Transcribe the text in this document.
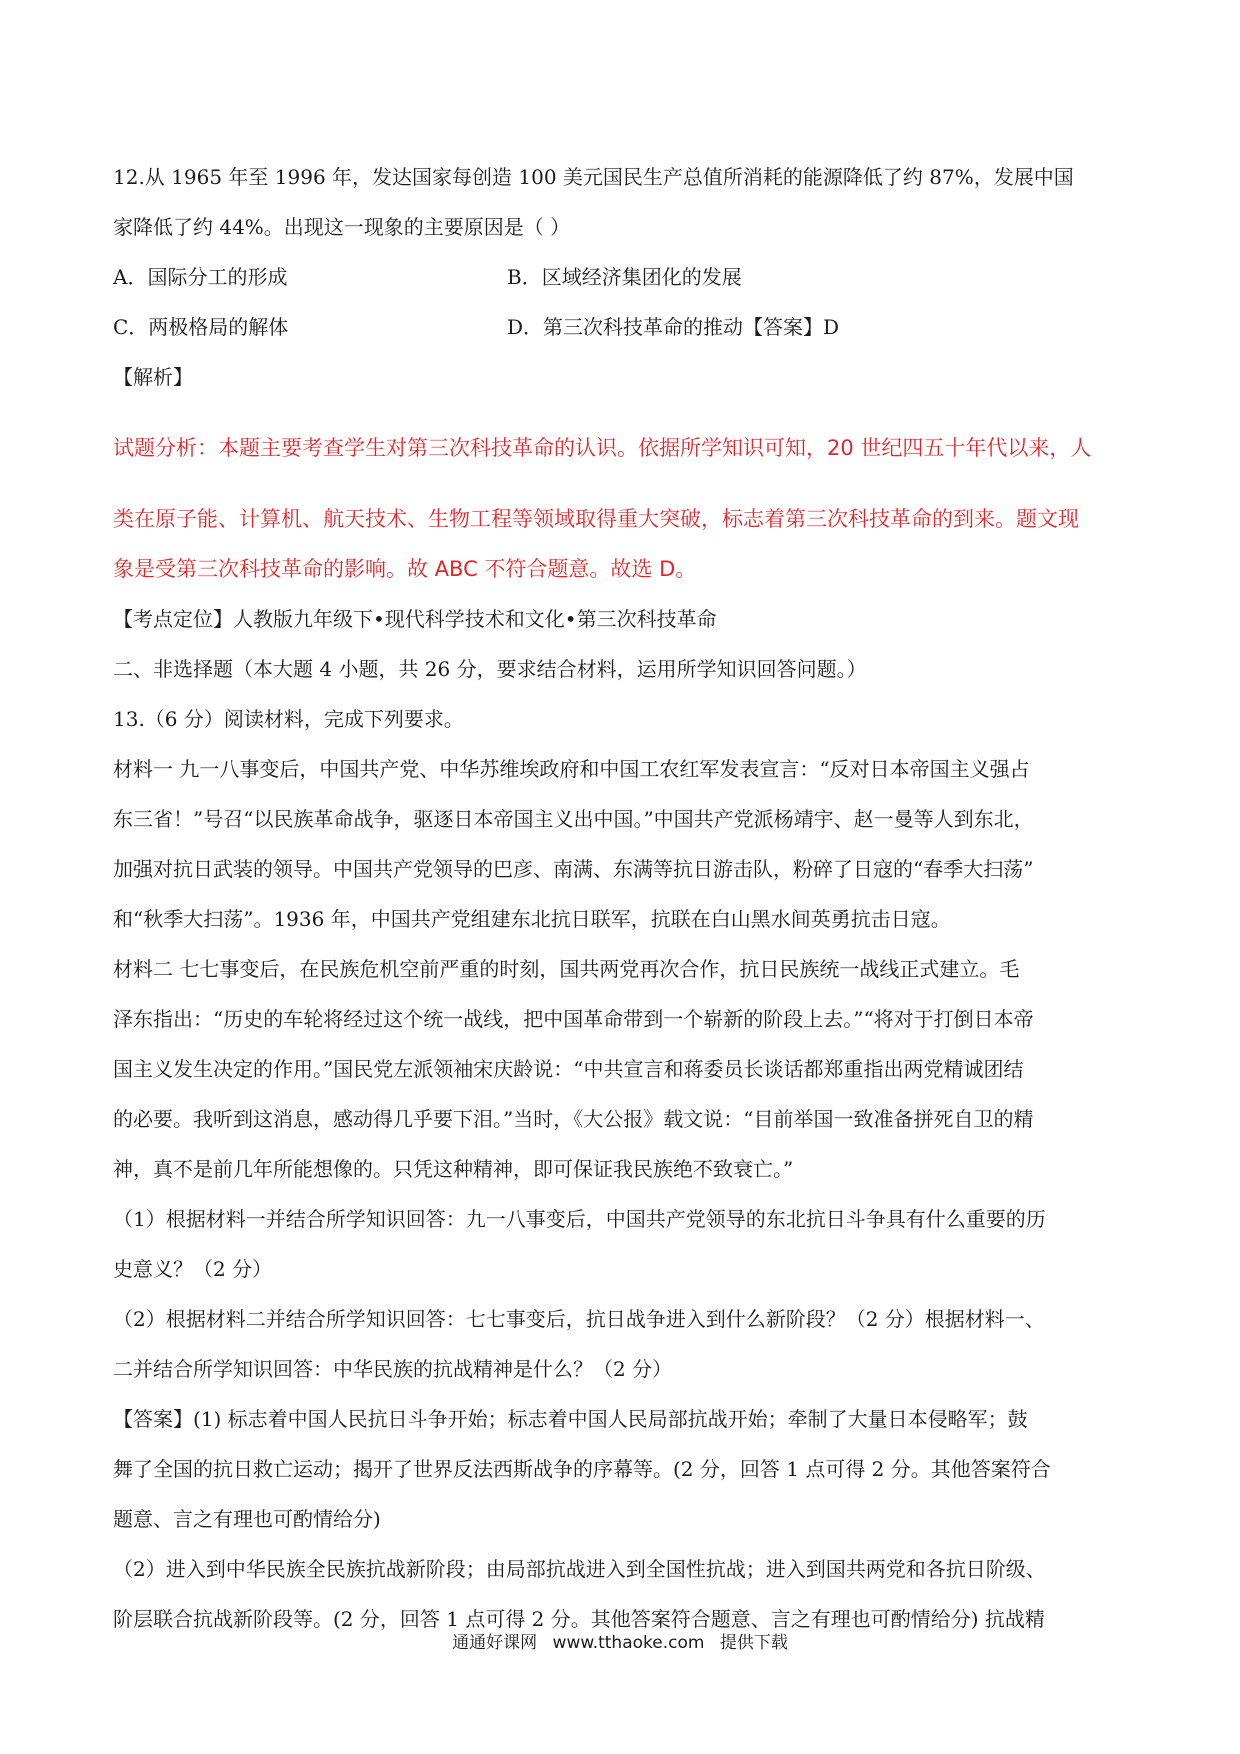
12.从 1965 年至 1996 年，发达国家每创造 100 美元国民生产总值所消耗的能源降低了约 87%，发展中国

家降低了约 44%。出现这一现象的主要原因是（ ）

A．国际分工的形成	B．区域经济集团化的发展
C．两极格局的解体	D．第三次科技革命的推动【答案】D

【解析】

试题分析：本题主要考查学生对第三次科技革命的认识。依据所学知识可知，20 世纪四五十年代以来，人

类在原子能、计算机、航天技术、生物工程等领域取得重大突破，标志着第三次科技革命的到来。题文现

象是受第三次科技革命的影响。故 ABC 不符合题意。故选 D。

【考点定位】人教版九年级下•现代科学技术和文化•第三次科技革命

二、非选择题（本大题 4 小题，共 26 分，要求结合材料，运用所学知识回答问题。）

13.（6 分）阅读材料，完成下列要求。

材料一 九一八事变后，中国共产党、中华苏维埃政府和中国工农红军发表宣言：“反对日本帝国主义强占

东三省！”号召“以民族革命战争，驱逐日本帝国主义出中国。”中国共产党派杨靖宇、赵一曼等人到东北，

加强对抗日武装的领导。中国共产党领导的巴彦、南满、东满等抗日游击队，粉碎了日寇的“春季大扫荡”

和“秋季大扫荡”。1936 年，中国共产党组建东北抗日联军，抗联在白山黑水间英勇抗击日寇。

材料二 七七事变后，在民族危机空前严重的时刻，国共两党再次合作，抗日民族统一战线正式建立。毛

泽东指出：“历史的车轮将经过这个统一战线，把中国革命带到一个崭新的阶段上去。”“将对于打倒日本帝

国主义发生决定的作用。”国民党左派领袖宋庆龄说：“中共宣言和蒋委员长谈话都郑重指出两党精诚团结

的必要。我听到这消息，感动得几乎要下泪。”当时，《大公报》载文说：“目前举国一致准备拼死自卫的精

神，真不是前几年所能想像的。只凭这种精神，即可保证我民族绝不致衰亡。”

（1）根据材料一并结合所学知识回答：九一八事变后，中国共产党领导的东北抗日斗争具有什么重要的历

史意义？（2 分）

（2）根据材料二并结合所学知识回答：七七事变后，抗日战争进入到什么新阶段？（2 分）根据材料一、

二并结合所学知识回答：中华民族的抗战精神是什么？（2 分）

【答案】(1) 标志着中国人民抗日斗争开始；标志着中国人民局部抗战开始；牵制了大量日本侵略军；鼓

舞了全国的抗日救亡运动；揭开了世界反法西斯战争的序幕等。(2 分，回答 1 点可得 2 分。其他答案符合

题意、言之有理也可酌情给分)

（2）进入到中华民族全民族抗战新阶段；由局部抗战进入到全国性抗战；进入到国共两党和各抗日阶级、

阶层联合抗战新阶段等。(2 分，回答 1 点可得 2 分。其他答案符合题意、言之有理也可酌情给分) 抗战精

通通好课网 www.tthaoke.com 提供下载
